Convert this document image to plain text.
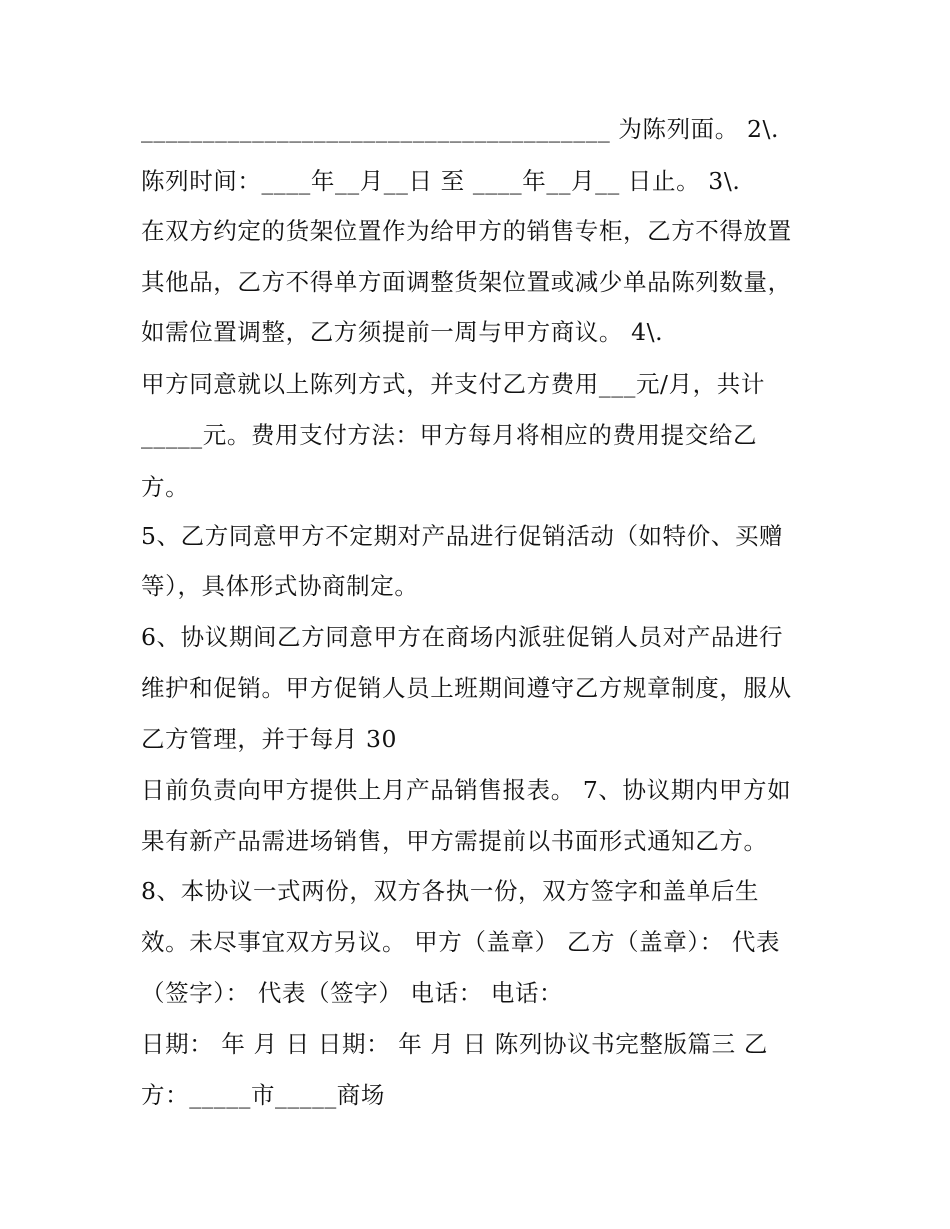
______________________________________ 为陈列面。 2\.
陈列时间：____年__月__日 至 ____年__月__ 日止。 3\.
在双方约定的货架位置作为给甲方的销售专柜，乙方不得放置
其他品，乙方不得单方面调整货架位置或减少单品陈列数量，
如需位置调整，乙方须提前一周与甲方商议。 4\.
甲方同意就以上陈列方式，并支付乙方费用___元/月，共计
_____元。费用支付方法：甲方每月将相应的费用提交给乙
方。
5、乙方同意甲方不定期对产品进行促销活动（如特价、买赠
等），具体形式协商制定。
6、协议期间乙方同意甲方在商场内派驻促销人员对产品进行
维护和促销。甲方促销人员上班期间遵守乙方规章制度，服从
乙方管理，并于每月 30
日前负责向甲方提供上月产品销售报表。 7、协议期内甲方如
果有新产品需进场销售，甲方需提前以书面形式通知乙方。
8、本协议一式两份，双方各执一份，双方签字和盖单后生
效。未尽事宜双方另议。 甲方（盖章） 乙方（盖章）： 代表
（签字）： 代表（签字） 电话： 电话：
日期： 年 月 日 日期： 年 月 日 陈列协议书完整版篇三 乙
方：_____市_____商场
